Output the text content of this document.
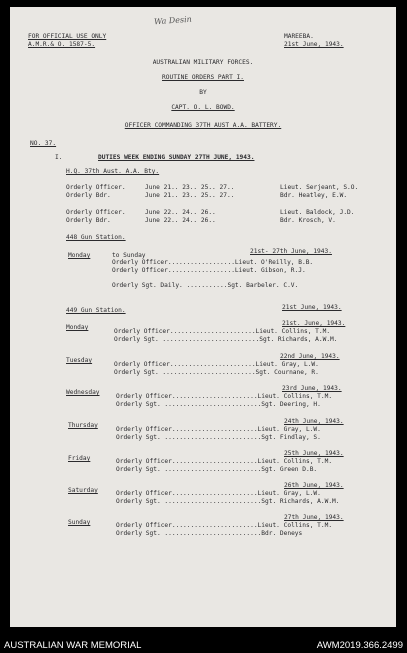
FOR OFFICIAL USE ONLY
A.M.R.& O. 1587-5.
Wa Desin
MAREEBA.
21st June, 1943.
AUSTRALIAN MILITARY FORCES.
ROUTINE ORDERS PART I.
BY
CAPT. O. L. BOWD.
OFFICER COMMANDING 37TH AUST A.A. BATTERY.
NO. 37.
I.	DUTIES WEEK ENDING SUNDAY 27TH JUNE, 1943.
H.Q. 37th Aust. A.A. Bty.
Orderly Officer.	June 21.. 23.. 25.. 27..	Lieut. Serjeant, S.O.
Orderly Bdr.	June 21.. 23.. 25.. 27..	Bdr. Heatley, E.W.
Orderly Officer.	June 22.. 24.. 26..	Lieut. Baldock, J.D.
Orderly Bdr.	June 22.. 24.. 26..	Bdr. Krosch, V.
448 Gun Station.
Monday	to Sunday
21st- 27th June, 1943.
Orderly Officer..................Lieut. O'Reilly, B.B.
Orderly Officer..................Lieut. Gibson, R.J.
Orderly Sgt. Daily. ...........Sgt. Barbeler. C.V.
449 Gun Station.	21st June, 1943.
Monday
21st. June, 1943.
Orderly Officer.......................Lieut. Collins, T.M.
Orderly Sgt. ..........................Sgt. Richards, A.W.M.
Tuesday
22nd June, 1943.
Orderly Officer.......................Lieut. Gray, L.W.
Orderly Sgt. .........................Sgt. Cournane, R.
Wednesday
23rd June, 1943.
Orderly Officer.......................Lieut. Collins, T.M.
Orderly Sgt. ..........................Sgt. Deering, H.
Thursday
24th June, 1943.
Orderly Officer.......................Lieut. Gray, L.W.
Orderly Sgt. ..........................Sgt. Findlay, S.
Friday
25th June, 1943.
Orderly Officer.......................Lieut. Collins, T.M.
Orderly Sgt. ..........................Sgt. Green D.B.
Saturday
26th June, 1943.
Orderly Officer.......................Lieut. Gray, L.W.
Orderly Sgt. ..........................Sgt. Richards, A.W.M.
Sunday
27th June, 1943.
Orderly Officer.......................Lieut. Collins, T.M.
Orderly Sgt. ..........................Bdr. Deneys
AUSTRALIAN WAR MEMORIAL	AWM2019.366.2499
